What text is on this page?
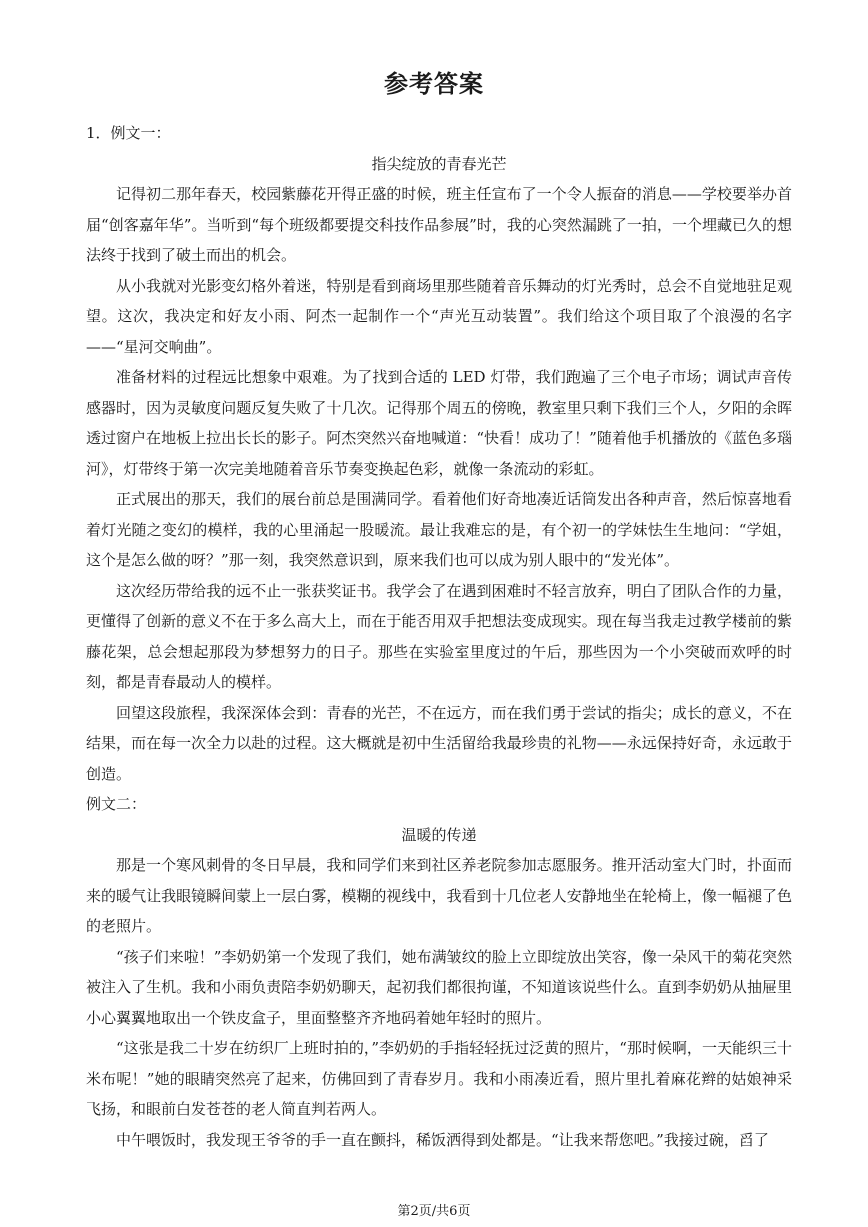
参考答案

1．例文一：

指尖绽放的青春光芒

记得初二那年春天，校园紫藤花开得正盛的时候，班主任宣布了一个令人振奋的消息——学校要举办首届“创客嘉年华”。当听到“每个班级都要提交科技作品参展”时，我的心突然漏跳了一拍，一个埋藏已久的想法终于找到了破土而出的机会。

从小我就对光影变幻格外着迷，特别是看到商场里那些随着音乐舞动的灯光秀时，总会不自觉地驻足观望。这次，我决定和好友小雨、阿杰一起制作一个“声光互动装置”。我们给这个项目取了个浪漫的名字——“星河交响曲”。

准备材料的过程远比想象中艰难。为了找到合适的 LED 灯带，我们跑遍了三个电子市场；调试声音传感器时，因为灵敏度问题反复失败了十几次。记得那个周五的傍晚，教室里只剩下我们三个人，夕阳的余晖透过窗户在地板上拉出长长的影子。阿杰突然兴奋地喊道：“快看！成功了！”随着他手机播放的《蓝色多瑙河》，灯带终于第一次完美地随着音乐节奏变换起色彩，就像一条流动的彩虹。

正式展出的那天，我们的展台前总是围满同学。看着他们好奇地凑近话筒发出各种声音，然后惊喜地看着灯光随之变幻的模样，我的心里涌起一股暖流。最让我难忘的是，有个初一的学妹怯生生地问：“学姐，这个是怎么做的呀？”那一刻，我突然意识到，原来我们也可以成为别人眼中的“发光体”。

这次经历带给我的远不止一张获奖证书。我学会了在遇到困难时不轻言放弃，明白了团队合作的力量，更懂得了创新的意义不在于多么高大上，而在于能否用双手把想法变成现实。现在每当我走过教学楼前的紫藤花架，总会想起那段为梦想努力的日子。那些在实验室里度过的午后，那些因为一个小突破而欢呼的时刻，都是青春最动人的模样。

回望这段旅程，我深深体会到：青春的光芒，不在远方，而在我们勇于尝试的指尖；成长的意义，不在结果，而在每一次全力以赴的过程。这大概就是初中生活留给我最珍贵的礼物——永远保持好奇，永远敢于创造。

例文二：

温暖的传递

那是一个寒风刺骨的冬日早晨，我和同学们来到社区养老院参加志愿服务。推开活动室大门时，扑面而来的暖气让我眼镜瞬间蒙上一层白雾，模糊的视线中，我看到十几位老人安静地坐在轮椅上，像一幅褪了色的老照片。

“孩子们来啦！”李奶奶第一个发现了我们，她布满皱纹的脸上立即绽放出笑容，像一朵风干的菊花突然被注入了生机。我和小雨负责陪李奶奶聊天，起初我们都很拘谨，不知道该说些什么。直到李奶奶从抽屉里小心翼翼地取出一个铁皮盒子，里面整整齐齐地码着她年轻时的照片。

“这张是我二十岁在纺织厂上班时拍的，”李奶奶的手指轻轻抚过泛黄的照片，“那时候啊，一天能织三十米布呢！”她的眼睛突然亮了起来，仿佛回到了青春岁月。我和小雨凑近看，照片里扎着麻花辫的姑娘神采飞扬，和眼前白发苍苍的老人简直判若两人。

中午喂饭时，我发现王爷爷的手一直在颤抖，稀饭洒得到处都是。“让我来帮您吧。”我接过碗，舀了

第2页/共6页
